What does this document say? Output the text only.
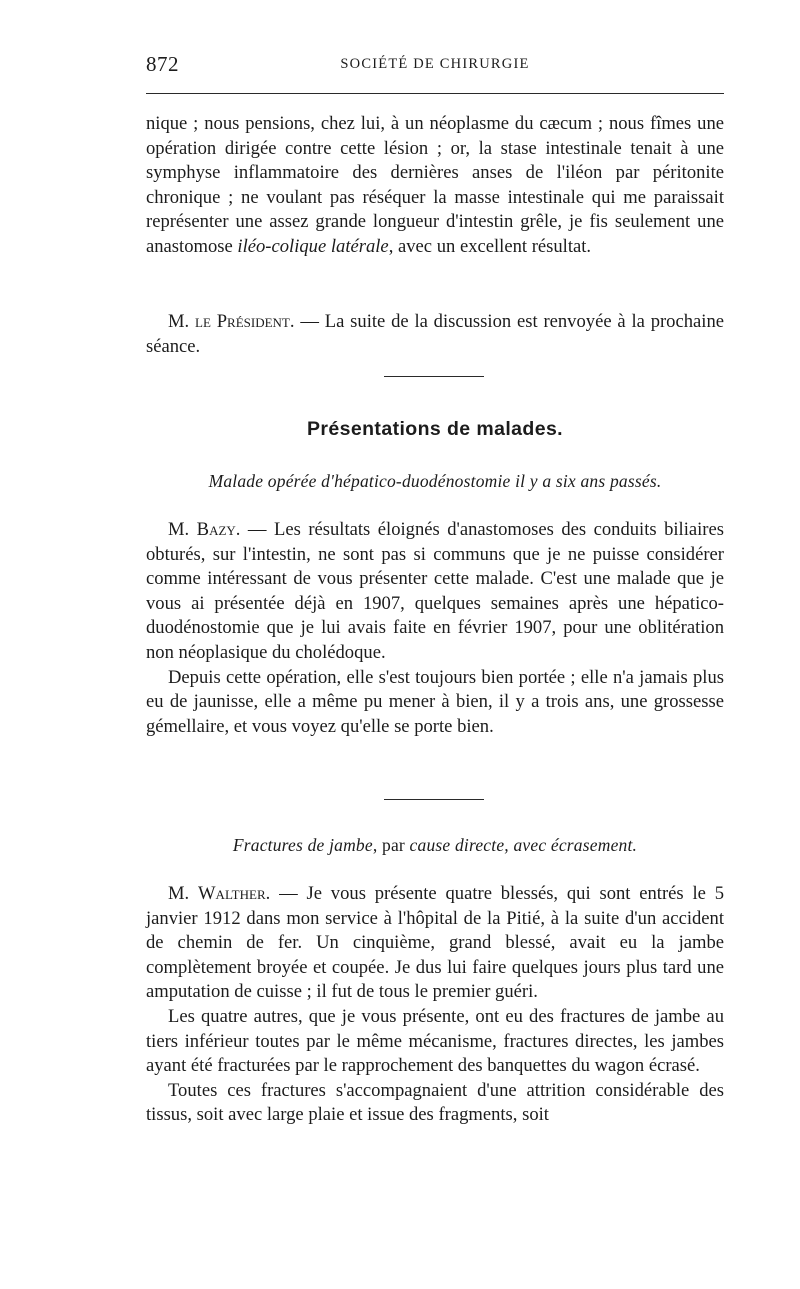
872	SOCIÉTÉ DE CHIRURGIE

nique ; nous pensions, chez lui, à un néoplasme du cæcum ; nous fîmes une opération dirigée contre cette lésion ; or, la stase intestinale tenait à une symphyse inflammatoire des dernières anses de l'iléon par péritonite chronique ; ne voulant pas réséquer la masse intestinale qui me paraissait représenter une assez grande longueur d'intestin grêle, je fis seulement une anastomose iléo-colique latérale, avec un excellent résultat.

M. le Président. — La suite de la discussion est renvoyée à la prochaine séance.

Présentations de malades.
Malade opérée d'hépatico-duodénostomie il y a six ans passés.

M. Bazy. — Les résultats éloignés d'anastomoses des conduits biliaires obturés, sur l'intestin, ne sont pas si communs que je ne puisse considérer comme intéressant de vous présenter cette malade. C'est une malade que je vous ai présentée déjà en 1907, quelques semaines après une hépatico-duodénostomie que je lui avais faite en février 1907, pour une oblitération non néoplasique du cholédoque.

Depuis cette opération, elle s'est toujours bien portée ; elle n'a jamais plus eu de jaunisse, elle a même pu mener à bien, il y a trois ans, une grossesse gémellaire, et vous voyez qu'elle se porte bien.

Fractures de jambe, par cause directe, avec écrasement.

M. Walther. — Je vous présente quatre blessés, qui sont entrés le 5 janvier 1912 dans mon service à l'hôpital de la Pitié, à la suite d'un accident de chemin de fer. Un cinquième, grand blessé, avait eu la jambe complètement broyée et coupée. Je dus lui faire quelques jours plus tard une amputation de cuisse ; il fut de tous le premier guéri.

Les quatre autres, que je vous présente, ont eu des fractures de jambe au tiers inférieur toutes par le même mécanisme, fractures directes, les jambes ayant été fracturées par le rapprochement des banquettes du wagon écrasé.

Toutes ces fractures s'accompagnaient d'une attrition considérable des tissus, soit avec large plaie et issue des fragments, soit
